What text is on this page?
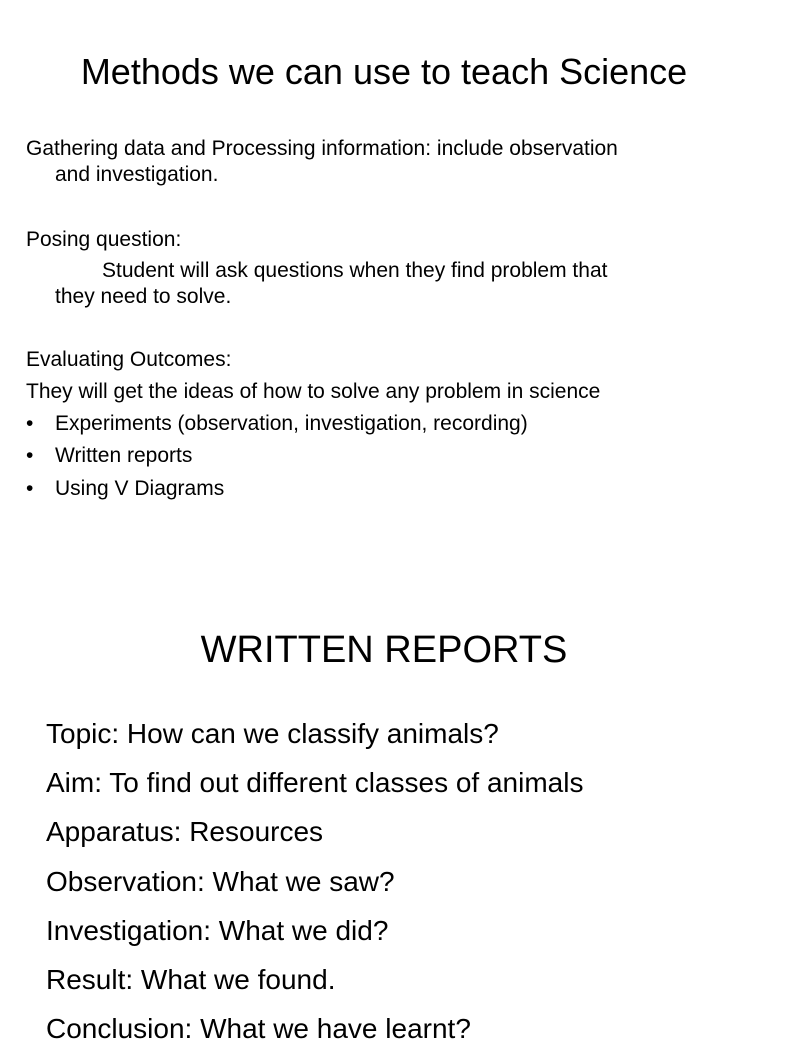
Methods we can use to teach Science
Gathering data and Processing information: include observation
and investigation.
Posing question:
Student will ask questions when they find problem that
they need to solve.
Evaluating Outcomes:
They will get the ideas of how to solve any problem in science
• Experiments (observation, investigation, recording)
• Written reports
• Using V Diagrams
WRITTEN REPORTS
Topic: How can we classify animals?
Aim: To find out different classes of animals
Apparatus: Resources
Observation: What we saw?
Investigation: What we did?
Result: What we found.
Conclusion: What we have learnt?
